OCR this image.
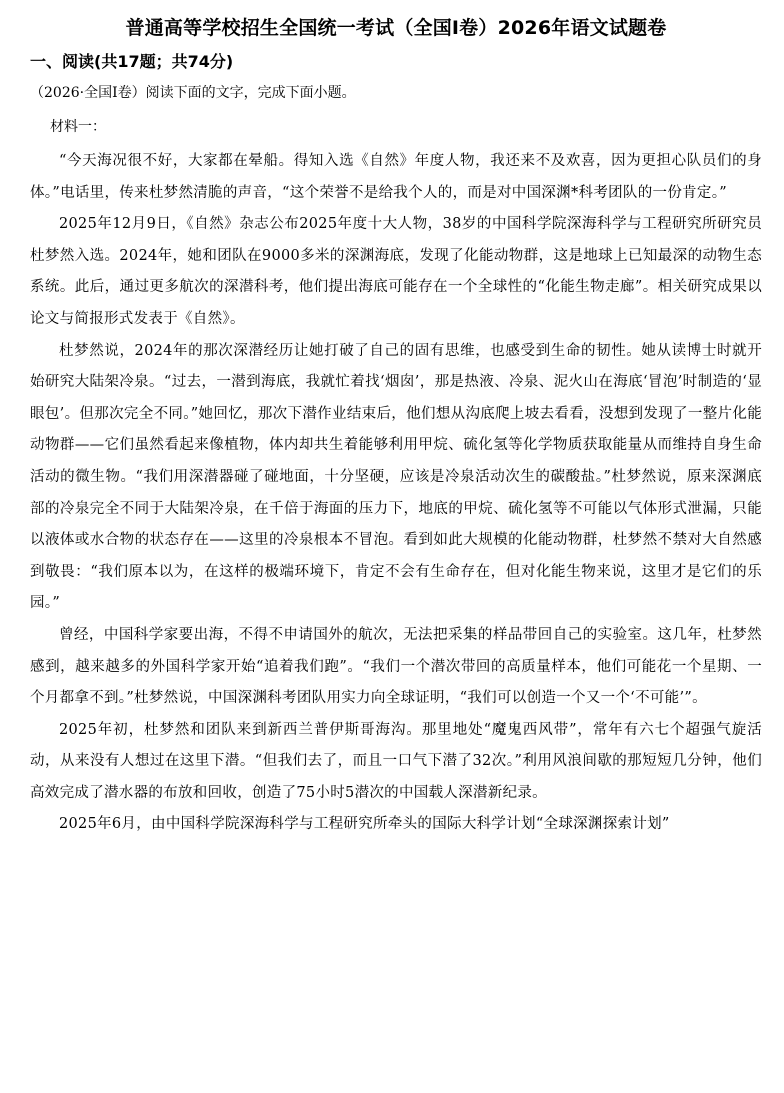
普通高等学校招生全国统一考试（全国Ⅰ卷）2026年语文试题卷
一、阅读(共17题；共74分)
（2026·全国Ⅰ卷）阅读下面的文字，完成下面小题。
材料一：

“今天海况很不好，大家都在晕船。得知入选《自然》年度人物，我还来不及欢喜，因为更担心队员们的身体。”电话里，传来杜梦然清脆的声音，“这个荣誉不是给我个人的，而是对中国深渊*科考团队的一份肯定。”

2025年12月9日，《自然》杂志公布2025年度十大人物，38岁的中国科学院深海科学与工程研究所研究员杜梦然入选。2024年，她和团队在9000多米的深渊海底，发现了化能动物群，这是地球上已知最深的动物生态系统。此后，通过更多航次的深潜科考，他们提出海底可能存在一个全球性的“化能生物走廊”。相关研究成果以论文与简报形式发表于《自然》。

杜梦然说，2024年的那次深潜经历让她打破了自己的固有思维，也感受到生命的韧性。她从读博士时就开始研究大陆架冷泉。“过去，一潜到海底，我就忙着找‘烟囱’，那是热液、冷泉、泥火山在海底‘冒泡’时制造的‘显眼包’。但那次完全不同。”她回忆，那次下潜作业结束后，他们想从沟底爬上坡去看看，没想到发现了一整片化能动物群——它们虽然看起来像植物，体内却共生着能够利用甲烷、硫化氢等化学物质获取能量从而维持自身生命活动的微生物。“我们用深潜器碰了碰地面，十分坚硬，应该是冷泉活动次生的碳酸盐。”杜梦然说，原来深渊底部的冷泉完全不同于大陆架冷泉，在千倍于海面的压力下，地底的甲烷、硫化氢等不可能以气体形式泄漏，只能以液体或水合物的状态存在——这里的冷泉根本不冒泡。看到如此大规模的化能动物群，杜梦然不禁对大自然感到敬畏：“我们原本以为，在这样的极端环境下，肯定不会有生命存在，但对化能生物来说，这里才是它们的乐园。”

曾经，中国科学家要出海，不得不申请国外的航次，无法把采集的样品带回自己的实验室。这几年，杜梦然感到，越来越多的外国科学家开始“追着我们跑”。“我们一个潜次带回的高质量样本，他们可能花一个星期、一个月都拿不到。”杜梦然说，中国深渊科考团队用实力向全球证明，“我们可以创造一个又一个‘不可能’”。

2025年初，杜梦然和团队来到新西兰普伊斯哥海沟。那里地处“魔鬼西风带”，常年有六七个超强气旋活动，从来没有人想过在这里下潜。“但我们去了，而且一口气下潜了32次。”利用风浪间歇的那短短几分钟，他们高效完成了潜水器的布放和回收，创造了75小时5潜次的中国载人深潜新纪录。

2025年6月，由中国科学院深海科学与工程研究所牵头的国际大科学计划“全球深渊探索计划”
